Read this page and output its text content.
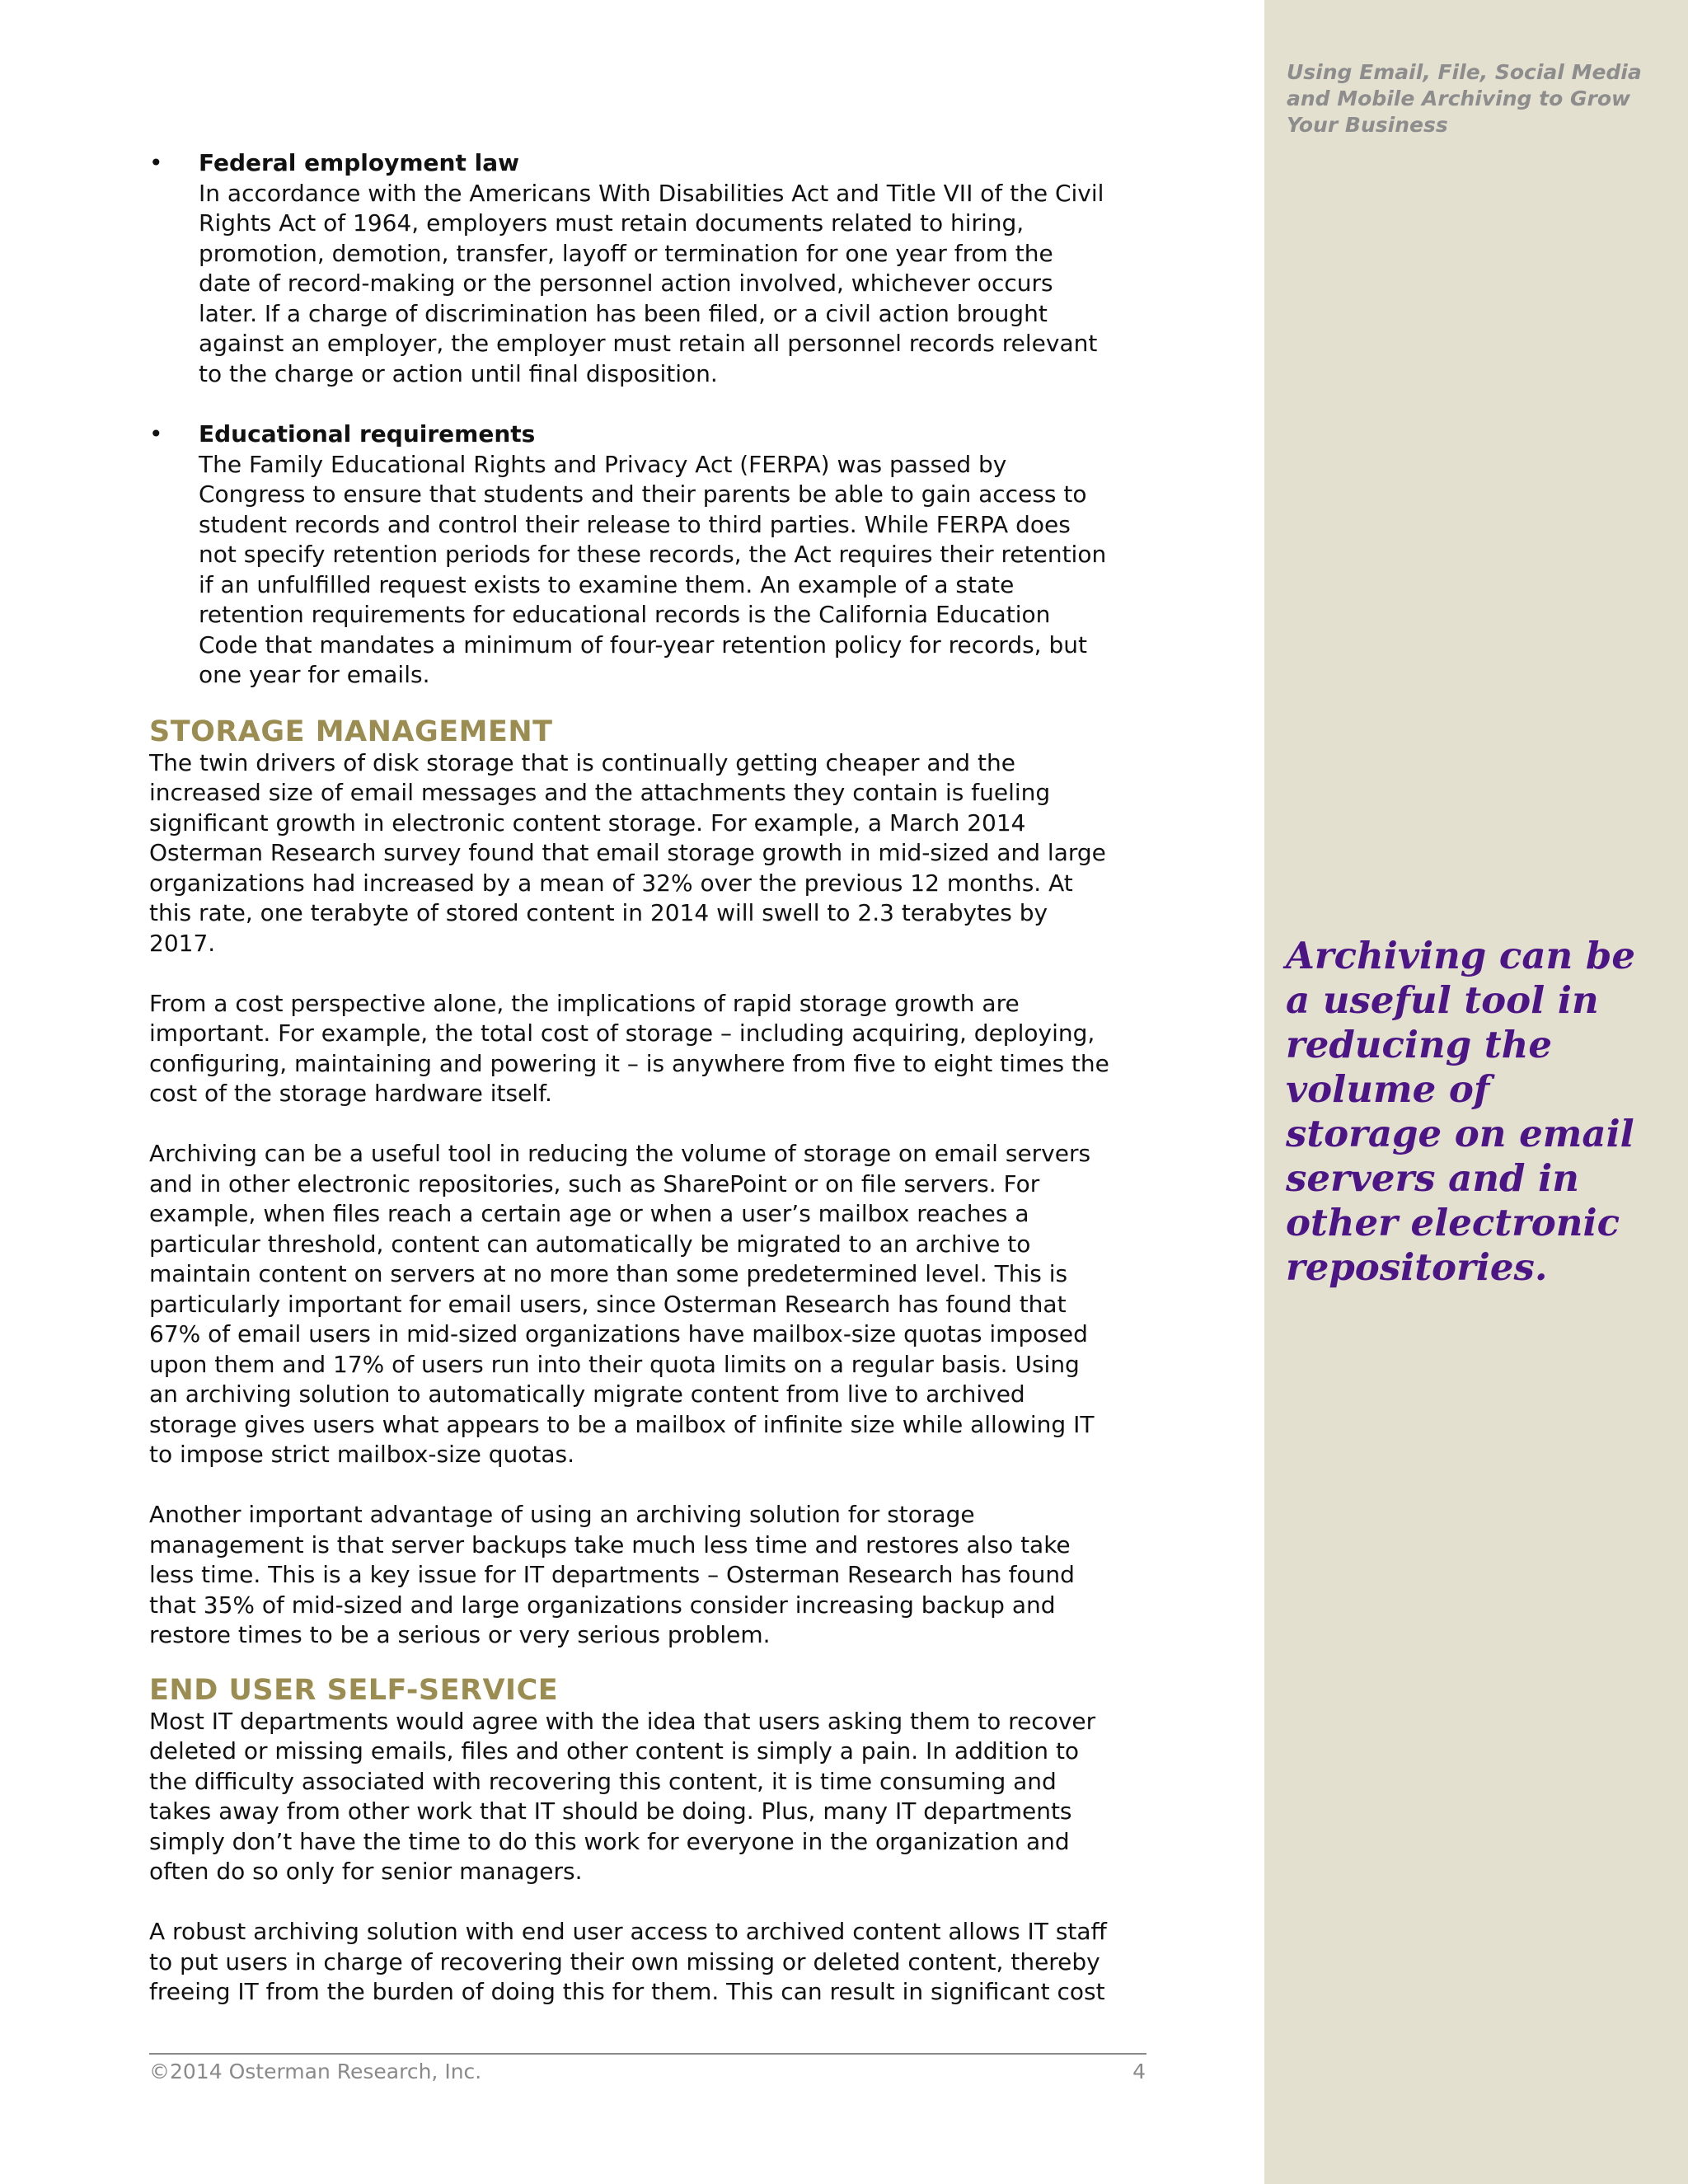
Using Email, File, Social Media and Mobile Archiving to Grow Your Business

Archiving can be a useful tool in reducing the volume of storage on email servers and in other electronic repositories.

•	Federal employment law

In accordance with the Americans With Disabilities Act and Title VII of the Civil Rights Act of 1964, employers must retain documents related to hiring, promotion, demotion, transfer, layoff or termination for one year from the date of record-making or the personnel action involved, whichever occurs later. If a charge of discrimination has been filed, or a civil action brought against an employer, the employer must retain all personnel records relevant to the charge or action until final disposition.

•	Educational requirements

The Family Educational Rights and Privacy Act (FERPA) was passed by Congress to ensure that students and their parents be able to gain access to student records and control their release to third parties. While FERPA does not specify retention periods for these records, the Act requires their retention if an unfulfilled request exists to examine them. An example of a state retention requirements for educational records is the California Education Code that mandates a minimum of four-year retention policy for records, but one year for emails.

STORAGE MANAGEMENT

The twin drivers of disk storage that is continually getting cheaper and the increased size of email messages and the attachments they contain is fueling significant growth in electronic content storage. For example, a March 2014 Osterman Research survey found that email storage growth in mid-sized and large organizations had increased by a mean of 32% over the previous 12 months. At this rate, one terabyte of stored content in 2014 will swell to 2.3 terabytes by 2017.

From a cost perspective alone, the implications of rapid storage growth are important. For example, the total cost of storage – including acquiring, deploying, configuring, maintaining and powering it – is anywhere from five to eight times the cost of the storage hardware itself.

Archiving can be a useful tool in reducing the volume of storage on email servers and in other electronic repositories, such as SharePoint or on file servers. For example, when files reach a certain age or when a user’s mailbox reaches a particular threshold, content can automatically be migrated to an archive to maintain content on servers at no more than some predetermined level. This is particularly important for email users, since Osterman Research has found that 67% of email users in mid-sized organizations have mailbox-size quotas imposed upon them and 17% of users run into their quota limits on a regular basis. Using an archiving solution to automatically migrate content from live to archived storage gives users what appears to be a mailbox of infinite size while allowing IT to impose strict mailbox-size quotas.

Another important advantage of using an archiving solution for storage management is that server backups take much less time and restores also take less time. This is a key issue for IT departments – Osterman Research has found that 35% of mid-sized and large organizations consider increasing backup and restore times to be a serious or very serious problem.

END USER SELF-SERVICE

Most IT departments would agree with the idea that users asking them to recover deleted or missing emails, files and other content is simply a pain. In addition to the difficulty associated with recovering this content, it is time consuming and takes away from other work that IT should be doing. Plus, many IT departments simply don’t have the time to do this work for everyone in the organization and often do so only for senior managers.

A robust archiving solution with end user access to archived content allows IT staff to put users in charge of recovering their own missing or deleted content, thereby freeing IT from the burden of doing this for them. This can result in significant cost

©2014 Osterman Research, Inc.	4
